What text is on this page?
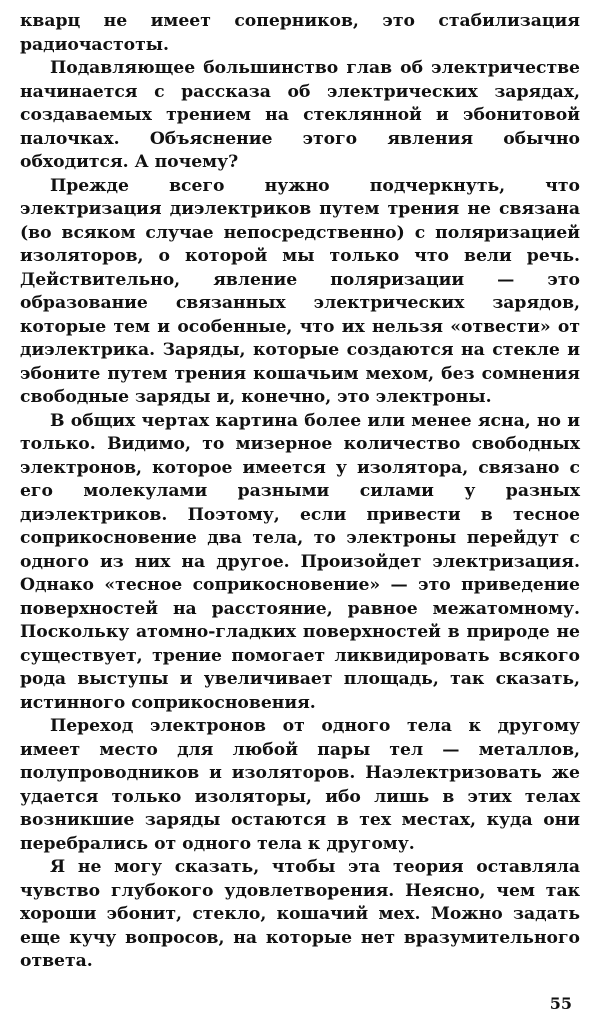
кварц не имеет соперников, это стабилизация радиочастоты.

Подавляющее большинство глав об электричестве начинается с рассказа об электрических зарядах, создаваемых трением на стеклянной и эбонитовой палочках. Объяснение этого явления обычно обходится. А почему?

Прежде всего нужно подчеркнуть, что электризация диэлектриков путем трения не связана (во всяком случае непосредственно) с поляризацией изоляторов, о которой мы только что вели речь. Действительно, явление поляризации — это образование связанных электрических зарядов, которые тем и особенные, что их нельзя «отвести» от диэлектрика. Заряды, которые создаются на стекле и эбоните путем трения кошачьим мехом, без сомнения свободные заряды и, конечно, это электроны.

В общих чертах картина более или менее ясна, но и только. Видимо, то мизерное количество свободных электронов, которое имеется у изолятора, связано с его молекулами разными силами у разных диэлектриков. Поэтому, если привести в тесное соприкосновение два тела, то электроны перейдут с одного из них на другое. Произойдет электризация. Однако «тесное соприкосновение» — это приведение поверхностей на расстояние, равное межатомному. Поскольку атомно-гладких поверхностей в природе не существует, трение помогает ликвидировать всякого рода выступы и увеличивает площадь, так сказать, истинного соприкосновения.

Переход электронов от одного тела к другому имеет место для любой пары тел — металлов, полупроводников и изоляторов. Наэлектризовать же удается только изоляторы, ибо лишь в этих телах возникшие заряды остаются в тех местах, куда они перебрались от одного тела к другому.

Я не могу сказать, чтобы эта теория оставляла чувство глубокого удовлетворения. Неясно, чем так хороши эбонит, стекло, кошачий мех. Можно задать еще кучу вопросов, на которые нет вразумительного ответа.

55
